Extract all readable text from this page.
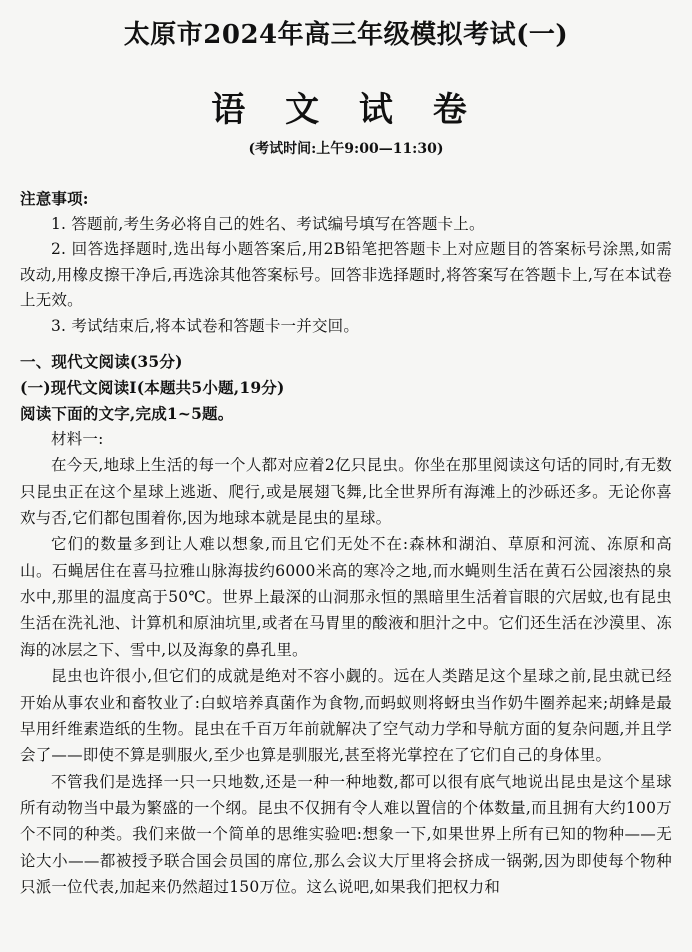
太原市2024年高三年级模拟考试(一)
语 文 试 卷
(考试时间:上午9:00—11:30)

注意事项:

1. 答题前,考生务必将自己的姓名、考试编号填写在答题卡上。

2. 回答选择题时,选出每小题答案后,用2B铅笔把答题卡上对应题目的答案标号涂黑,如需改动,用橡皮擦干净后,再选涂其他答案标号。回答非选择题时,将答案写在答题卡上,写在本试卷上无效。

3. 考试结束后,将本试卷和答题卡一并交回。

一、现代文阅读(35分)

(一)现代文阅读Ⅰ(本题共5小题,19分)

阅读下面的文字,完成1~5题。

材料一:

在今天,地球上生活的每一个人都对应着2亿只昆虫。你坐在那里阅读这句话的同时,有无数只昆虫正在这个星球上逃逝、爬行,或是展翅飞舞,比全世界所有海滩上的沙砾还多。无论你喜欢与否,它们都包围着你,因为地球本就是昆虫的星球。

它们的数量多到让人难以想象,而且它们无处不在:森林和湖泊、草原和河流、冻原和高山。石蝇居住在喜马拉雅山脉海拔约6000米高的寒冷之地,而水蝇则生活在黄石公园滚热的泉水中,那里的温度高于50℃。世界上最深的山洞那永恒的黑暗里生活着盲眼的穴居蚊,也有昆虫生活在洗礼池、计算机和原油坑里,或者在马胃里的酸液和胆汁之中。它们还生活在沙漠里、冻海的冰层之下、雪中,以及海象的鼻孔里。

昆虫也许很小,但它们的成就是绝对不容小觑的。远在人类踏足这个星球之前,昆虫就已经开始从事农业和畜牧业了:白蚁培养真菌作为食物,而蚂蚁则将蚜虫当作奶牛圈养起来;胡蜂是最早用纤维素造纸的生物。昆虫在千百万年前就解决了空气动力学和导航方面的复杂问题,并且学会了——即使不算是驯服火,至少也算是驯服光,甚至将光掌控在了它们自己的身体里。

不管我们是选择一只一只地数,还是一种一种地数,都可以很有底气地说出昆虫是这个星球所有动物当中最为繁盛的一个纲。昆虫不仅拥有令人难以置信的个体数量,而且拥有大约100万个不同的种类。我们来做一个简单的思维实验吧:想象一下,如果世界上所有已知的物种——无论大小——都被授予联合国会员国的席位,那么会议大厅里将会挤成一锅粥,因为即使每个物种只派一位代表,加起来仍然超过150万位。这么说吧,如果我们把权力和
